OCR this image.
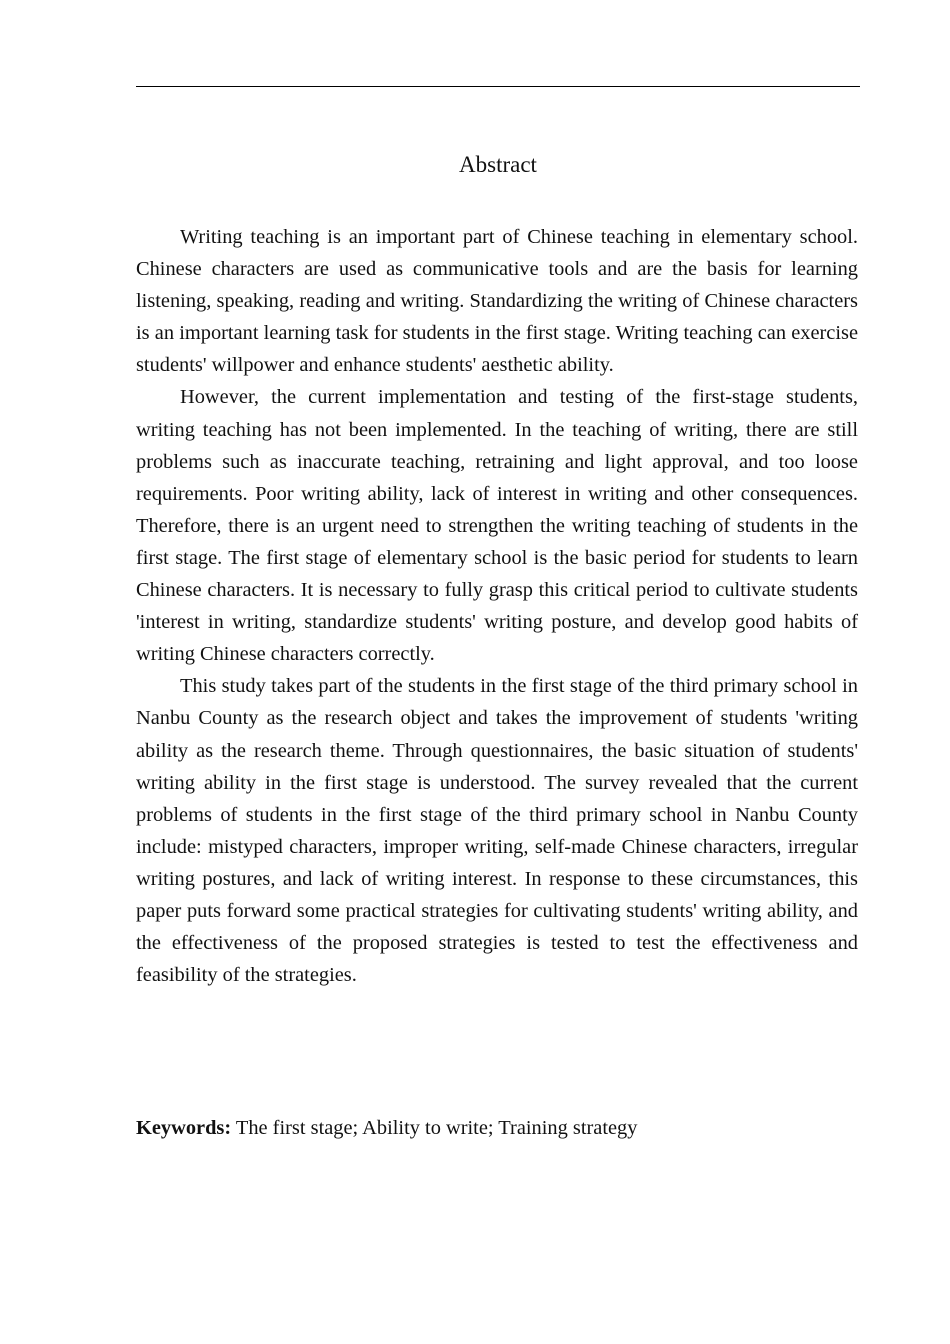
Abstract

Writing teaching is an important part of Chinese teaching in elementary school. Chinese characters are used as communicative tools and are the basis for learning listening, speaking, reading and writing. Standardizing the writing of Chinese characters is an important learning task for students in the first stage. Writing teaching can exercise students' willpower and enhance students' aesthetic ability.

However, the current implementation and testing of the first-stage students, writing teaching has not been implemented. In the teaching of writing, there are still problems such as inaccurate teaching, retraining and light approval, and too loose requirements. Poor writing ability, lack of interest in writing and other consequences. Therefore, there is an urgent need to strengthen the writing teaching of students in the first stage. The first stage of elementary school is the basic period for students to learn Chinese characters. It is necessary to fully grasp this critical period to cultivate students 'interest in writing, standardize students' writing posture, and develop good habits of writing Chinese characters correctly.

This study takes part of the students in the first stage of the third primary school in Nanbu County as the research object and takes the improvement of students 'writing ability as the research theme. Through questionnaires, the basic situation of students' writing ability in the first stage is understood. The survey revealed that the current problems of students in the first stage of the third primary school in Nanbu County include: mistyped characters, improper writing, self-made Chinese characters, irregular writing postures, and lack of writing interest. In response to these circumstances, this paper puts forward some practical strategies for cultivating students' writing ability, and the effectiveness of the proposed strategies is tested to test the effectiveness and feasibility of the strategies.

Keywords: The first stage; Ability to write; Training strategy
